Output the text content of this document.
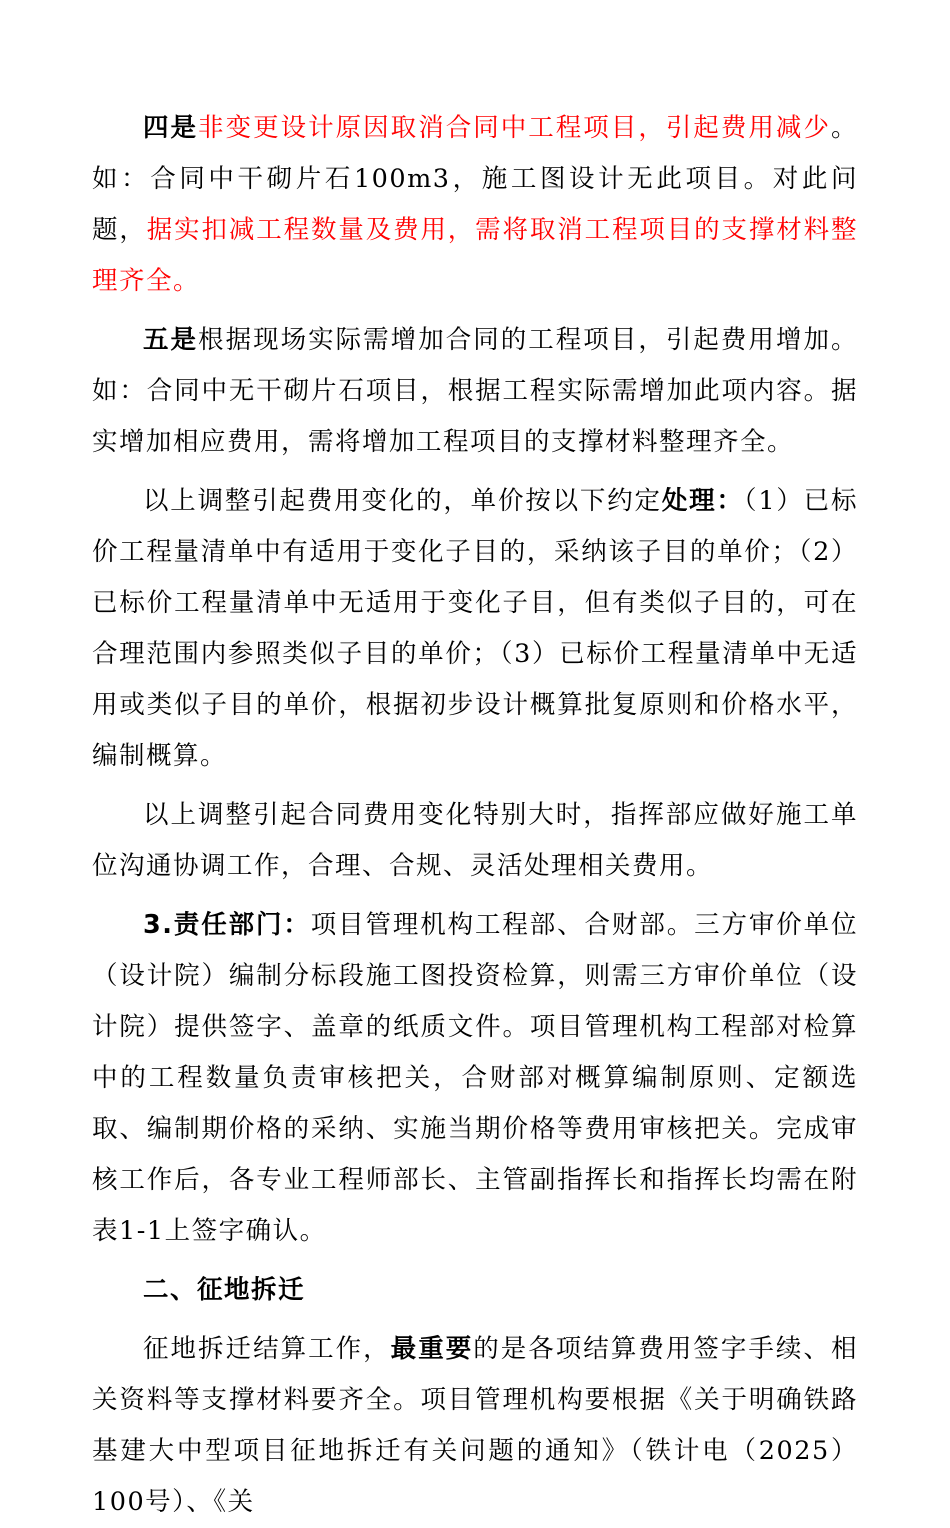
四是非变更设计原因取消合同中工程项目，引起费用减少。如：合同中干砌片石100m3，施工图设计无此项目。对此问题，据实扣减工程数量及费用，需将取消工程项目的支撑材料整理齐全。

五是根据现场实际需增加合同的工程项目，引起费用增加。如：合同中无干砌片石项目，根据工程实际需增加此项内容。据实增加相应费用，需将增加工程项目的支撑材料整理齐全。

以上调整引起费用变化的，单价按以下约定处理：（1）已标价工程量清单中有适用于变化子目的，采纳该子目的单价；（2）已标价工程量清单中无适用于变化子目，但有类似子目的，可在合理范围内参照类似子目的单价；（3）已标价工程量清单中无适用或类似子目的单价，根据初步设计概算批复原则和价格水平，编制概算。

以上调整引起合同费用变化特别大时，指挥部应做好施工单位沟通协调工作，合理、合规、灵活处理相关费用。

3.责任部门：项目管理机构工程部、合财部。三方审价单位（设计院）编制分标段施工图投资检算，则需三方审价单位（设计院）提供签字、盖章的纸质文件。项目管理机构工程部对检算中的工程数量负责审核把关，合财部对概算编制原则、定额选取、编制期价格的采纳、实施当期价格等费用审核把关。完成审核工作后，各专业工程师部长、主管副指挥长和指挥长均需在附表1-1上签字确认。

二、征地拆迁

征地拆迁结算工作，最重要的是各项结算费用签字手续、相关资料等支撑材料要齐全。项目管理机构要根据《关于明确铁路基建大中型项目征地拆迁有关问题的通知》（铁计电（2025）100号）、《关
